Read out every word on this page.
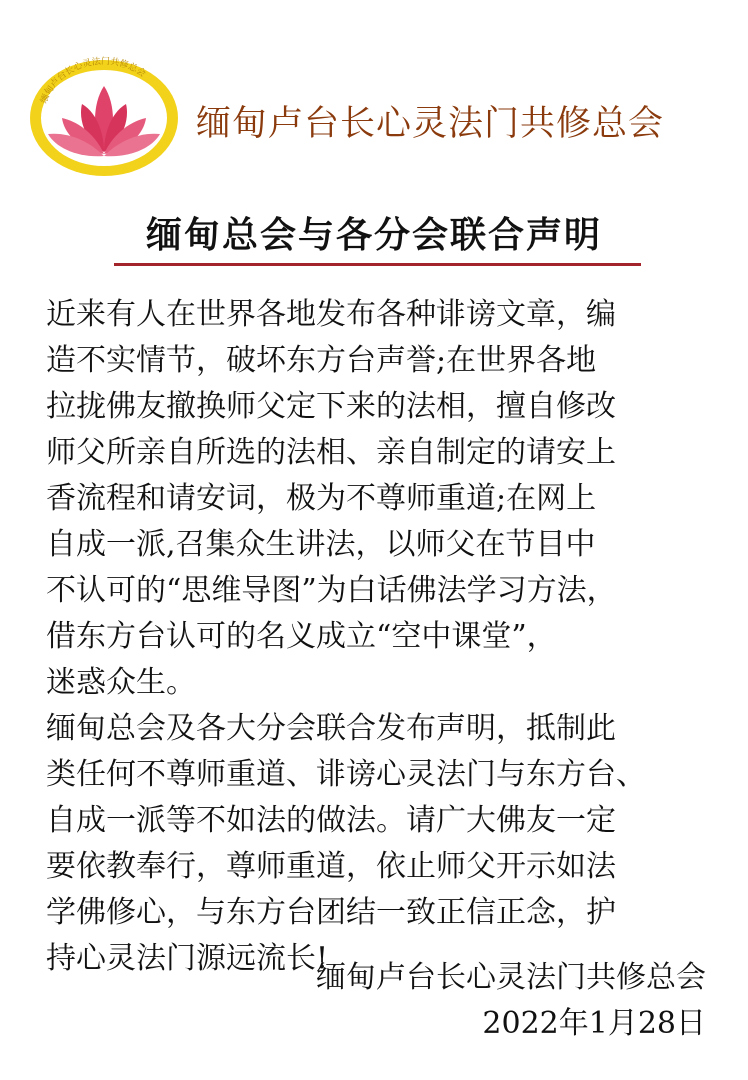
缅甸卢台长心灵法门共修总会
缅甸卢台长心灵法门共修总会
缅甸总会与各分会联合声明
近来有人在世界各地发布各种诽谤文章，编
造不实情节，破坏东方台声誉;在世界各地
拉拢佛友撤换师父定下来的法相，擅自修改
师父所亲自所选的法相、亲自制定的请安上
香流程和请安词，极为不尊师重道;在网上
自成一派,召集众生讲法，以师父在节目中
不认可的“思维导图”为白话佛法学习方法，
借东方台认可的名义成立“空中课堂”，
迷惑众生。
缅甸总会及各大分会联合发布声明，抵制此
类任何不尊师重道、诽谤心灵法门与东方台、
自成一派等不如法的做法。请广大佛友一定
要依教奉行，尊师重道，依止师父开示如法
学佛修心，与东方台团结一致正信正念，护
持心灵法门源远流长!
缅甸卢台长心灵法门共修总会
2022年1月28日
